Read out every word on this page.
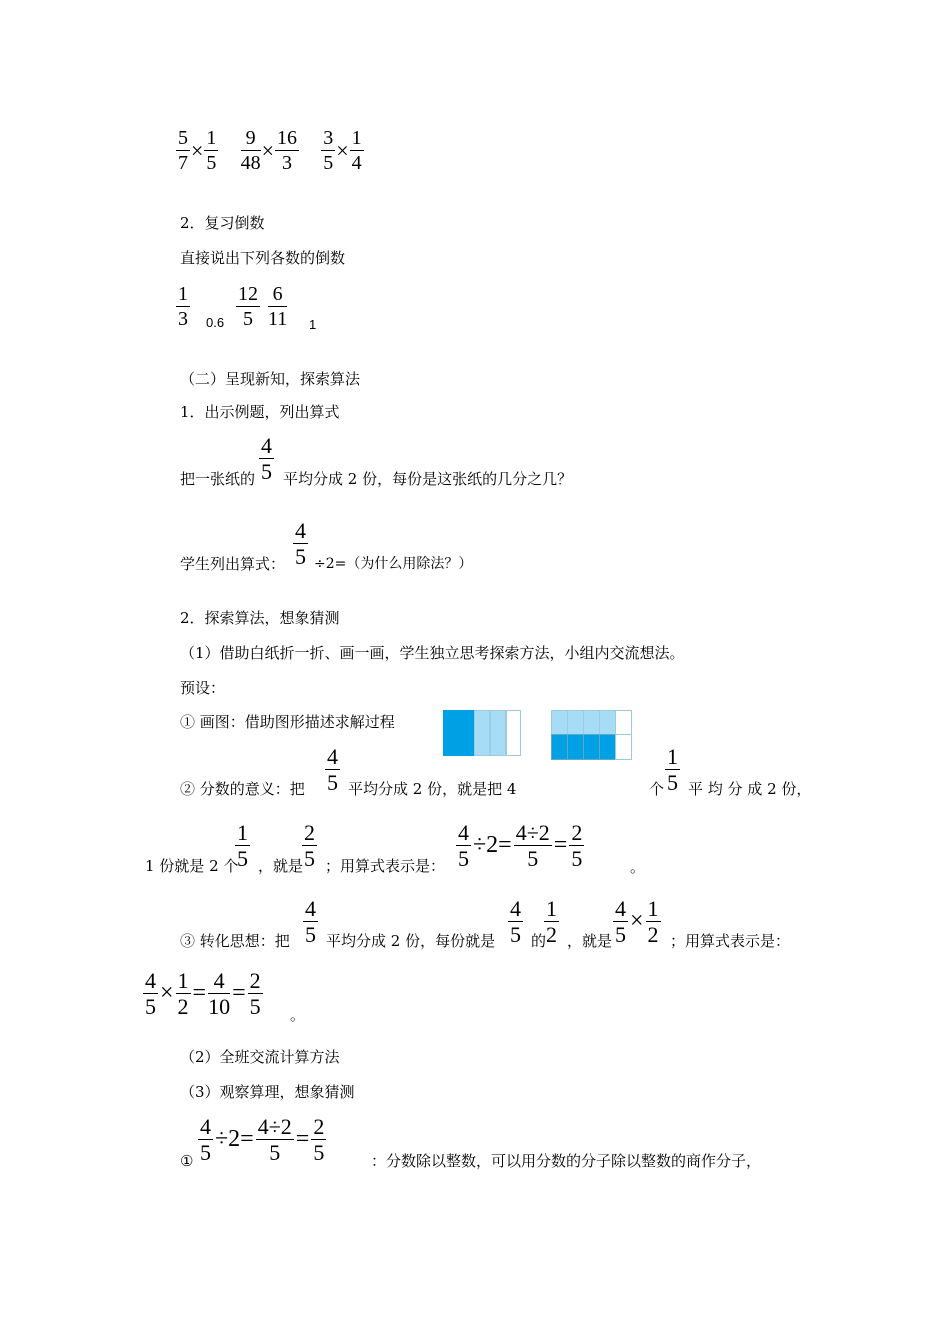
$\frac{5}{7} \times \frac{1}{5}$
$\frac{9}{48} \times \frac{16}{3}$
$\frac{3}{5} \times \frac{1}{4}$
2．复习倒数
直接说出下列各数的倒数
$\frac{1}{3} 0.6 \frac{12}{5} \frac{6}{11} 1$
（二）呈现新知，探索算法
1．出示例题，列出算式
把一张纸的 $\frac{4}{5}$ 平均分成 2 份，每份是这张纸的几分之几？
学生列出算式： $\frac{4}{5} \div 2=$（为什么用除法？）
2．探索算法，想象猜测
（1）借助白纸折一折、画一画，学生独立思考探索方法，小组内交流想法。
预设：
① 画图：借助图形描述求解过程
② 分数的意义：把 $\frac{4}{5}$ 平均分成 2 份，就是把 4	个 $\frac{1}{5}$ 平 均 分 成 2 份，
1 份就是 2 个
$\frac{1}{5}$ ，就是
$\frac{2}{5}$ ；用算式表示是： $\frac{4}{5} \div 2= \frac{4\div 2}{5} = \frac{2}{5}$	。
③ 转化思想：把 $\frac{4}{5}$ 平均分成 2 份，每份就是 $\frac{4}{5}$ 的
$\frac{1}{2}$ ，就是 $\frac{4}{5} \times \frac{1}{2}$ ；用算式表示是：
$\frac{4}{5} \times \frac{1}{2} = \frac{4}{10} = \frac{2}{5}$ 。
（2）全班交流计算方法
（3）观察算理，想象猜测
① $\frac{4}{5} \div 2= \frac{4\div 2}{5} = \frac{2}{5}$	：分数除以整数，可以用分数的分子除以整数的商作分子，
